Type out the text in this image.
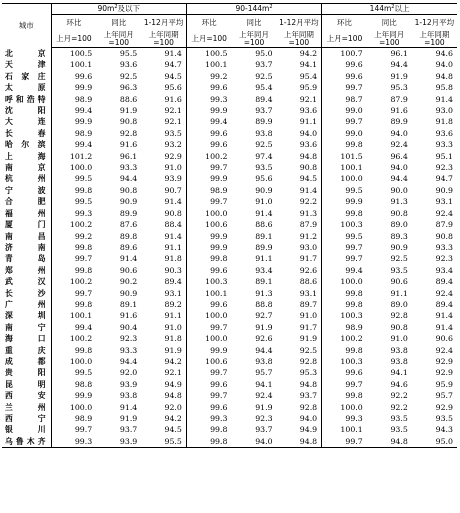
城市	$90m^2$及以下			$90-144m^2$			$144m^2$以上		
	环比	同比	1-12月平均	环比	同比	1-12月平均	环比	同比	1-12月平均
	上月=100	上年同月=100	上年同期=100	上月=100	上年同月=100	上年同期=100	上月=100	上年同月=100	上年同期=100
北京	100.5	95.5	91.4	100.5	95.0	94.2	100.7	96.1	94.6
天津	100.1	93.6	94.7	100.1	93.7	94.1	99.6	94.4	94.0
石家庄	99.6	92.5	94.5	99.2	92.5	95.4	99.6	91.9	94.8
太原	99.9	96.3	95.6	99.6	95.4	95.9	99.7	95.3	95.8
呼和浩特	98.9	88.6	91.6	99.3	89.4	92.1	98.7	87.9	91.4
沈阳	99.4	91.9	92.1	99.9	93.7	93.6	99.0	91.6	93.0
大连	99.9	90.8	92.1	99.4	89.9	91.1	99.7	89.9	91.8
长春	98.9	92.8	93.5	99.6	93.8	94.0	99.0	94.0	93.6
哈尔滨	99.4	91.6	93.2	99.6	92.5	93.6	99.8	92.4	93.3
上海	101.2	96.1	92.9	100.2	97.4	94.8	101.5	96.4	95.1
南京	100.0	93.3	91.0	99.7	93.5	90.8	100.1	94.0	92.3
杭州	99.5	94.4	93.9	99.9	95.6	94.5	100.0	94.4	94.7
宁波	99.8	90.8	90.7	98.9	90.9	91.4	99.5	90.0	90.9
合肥	99.5	90.9	91.4	99.7	91.0	92.2	99.9	91.3	93.1
福州	99.3	89.9	90.8	100.0	91.4	91.3	99.8	90.8	92.4
厦门	100.2	87.6	88.4	100.6	88.6	87.9	100.3	89.0	87.9
南昌	99.2	89.8	91.4	99.9	89.1	91.2	99.5	89.3	90.8
济南	99.8	89.6	91.1	99.9	89.9	93.0	99.7	90.9	93.3
青岛	99.7	91.4	91.8	99.8	91.1	91.7	99.7	92.5	92.3
郑州	99.8	90.6	90.3	99.6	93.4	92.6	99.4	93.5	93.4
武汉	100.2	90.2	89.4	100.3	89.1	88.6	100.0	90.6	89.4
长沙	99.7	90.9	93.1	100.1	91.3	93.1	99.8	91.1	92.4
广州	99.8	89.1	89.2	99.6	88.8	89.7	99.8	89.0	89.4
深圳	100.1	91.6	91.1	100.0	92.7	91.0	100.3	92.8	91.4
南宁	99.4	90.4	91.0	99.7	91.9	91.7	98.9	90.8	91.4
海口	100.2	92.3	91.8	100.0	92.6	91.9	100.2	91.0	90.6
重庆	99.8	93.3	91.9	99.9	94.4	92.5	99.8	93.8	92.4
成都	100.0	94.4	94.2	100.6	93.8	92.8	100.3	93.8	92.9
贵阳	99.5	92.0	92.1	99.7	95.7	95.3	99.6	94.1	92.9
昆明	98.8	93.9	94.9	99.6	94.1	94.8	99.7	94.6	95.9
西安	99.9	93.8	94.8	99.7	92.4	93.7	99.8	92.2	95.7
兰州	100.0	91.4	92.0	99.6	91.9	92.8	100.0	92.2	92.9
西宁	98.9	91.9	94.2	99.3	92.3	94.0	99.3	93.5	93.5
银川	99.7	93.7	94.5	99.8	93.7	94.9	100.1	93.5	94.3
乌鲁木齐	99.3	93.9	95.5	99.8	94.0	94.8	99.7	94.8	95.0
